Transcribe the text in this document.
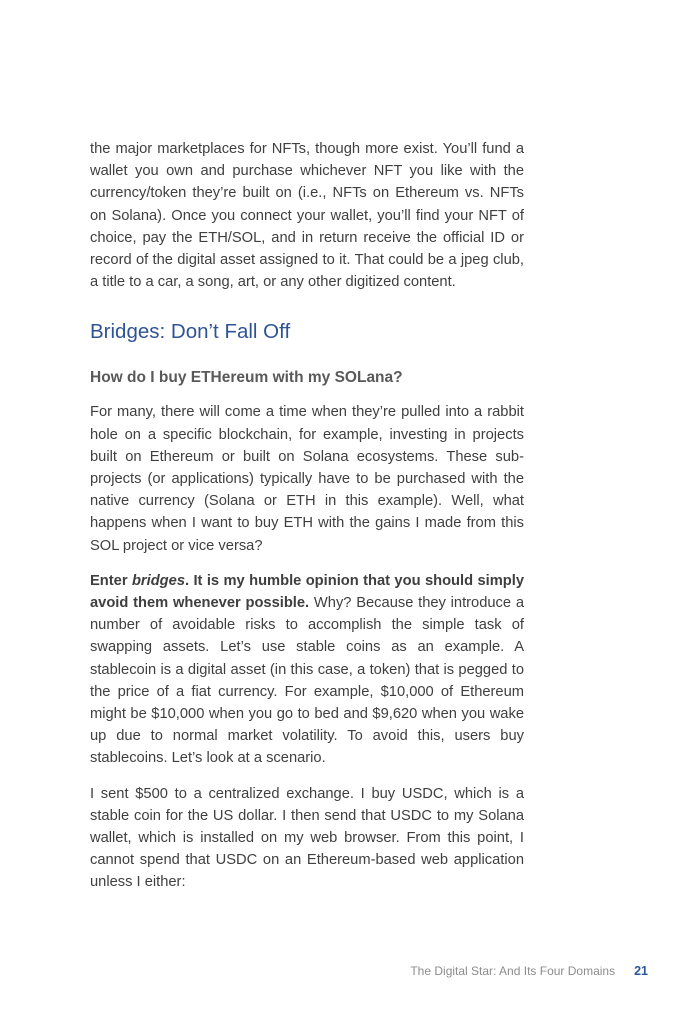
the major marketplaces for NFTs, though more exist. You’ll fund a wallet you own and purchase whichever NFT you like with the currency/token they’re built on (i.e., NFTs on Ethereum vs. NFTs on Solana). Once you connect your wallet, you’ll find your NFT of choice, pay the ETH/SOL, and in return receive the official ID or record of the digital asset assigned to it. That could be a jpeg club, a title to a car, a song, art, or any other digitized content.

Bridges: Don’t Fall Off
How do I buy ETHereum with my SOLana?

For many, there will come a time when they’re pulled into a rabbit hole on a specific blockchain, for example, investing in projects built on Ethereum or built on Solana ecosystems. These sub-projects (or applications) typically have to be purchased with the native currency (Solana or ETH in this example). Well, what happens when I want to buy ETH with the gains I made from this SOL project or vice versa?

Enter bridges. It is my humble opinion that you should simply avoid them whenever possible. Why? Because they introduce a number of avoidable risks to accomplish the simple task of swapping assets. Let’s use stable coins as an example. A stablecoin is a digital asset (in this case, a token) that is pegged to the price of a fiat currency. For example, $10,000 of Ethereum might be $10,000 when you go to bed and $9,620 when you wake up due to normal market volatility. To avoid this, users buy stablecoins. Let’s look at a scenario.

I sent $500 to a centralized exchange. I buy USDC, which is a stable coin for the US dollar. I then send that USDC to my Solana wallet, which is installed on my web browser. From this point, I cannot spend that USDC on an Ethereum-based web application unless I either:

The Digital Star: And Its Four Domains 21
